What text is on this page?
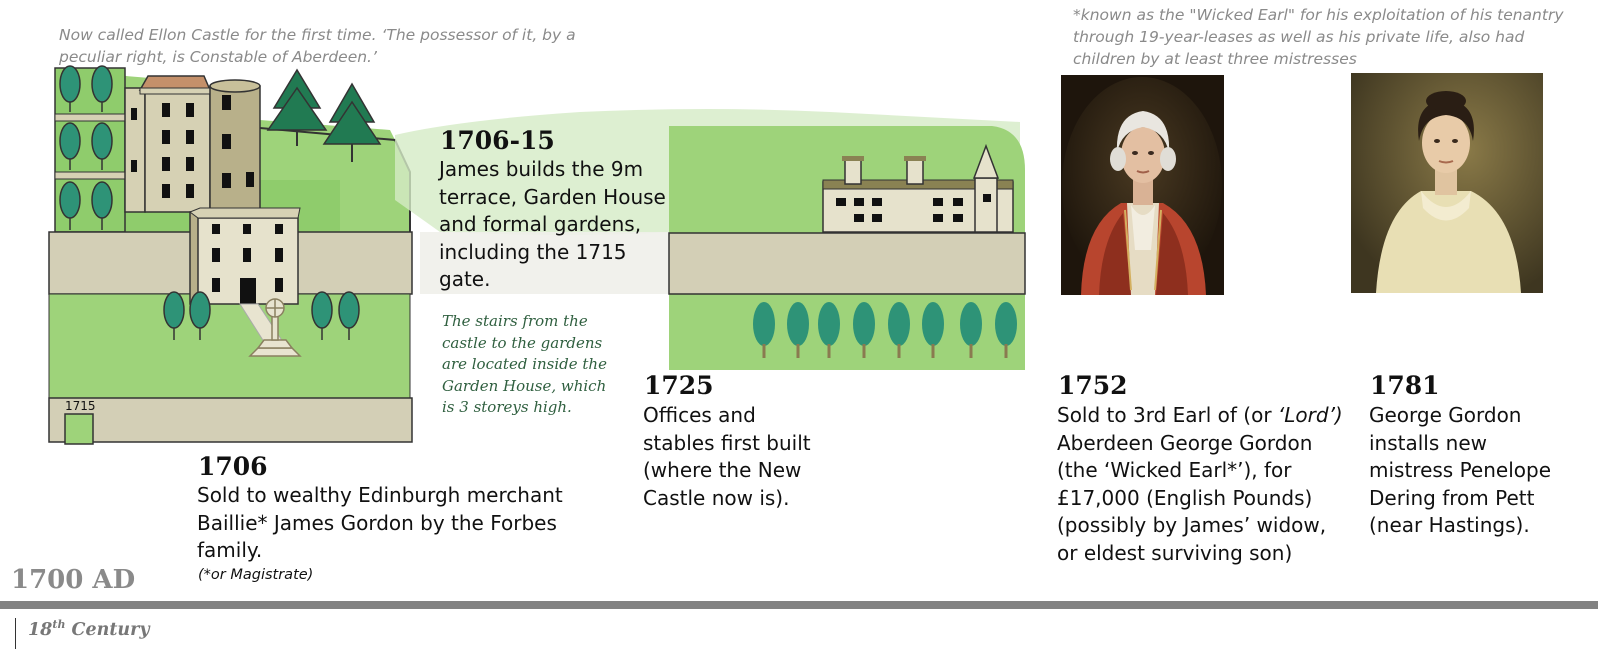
Now called Ellon Castle for the first time. ‘The possessor of it, by a
peculiar right, is Constable of Aberdeen.’
*known as the "Wicked Earl" for his exploitation of his tenantry
through 19-year-leases as well as his private life, also had
children by at least three mistresses
1715
1706-15
James builds the 9m
terrace, Garden House
and formal gardens,
including the 1715
gate.
The stairs from the
castle to the gardens
are located inside the
Garden House, which
is 3 storeys high.
1706
Sold to wealthy Edinburgh merchant
Baillie* James Gordon by the Forbes
family.
(*or Magistrate)
1725
Offices and
stables first built
(where the New
Castle now is).
1752
Sold to 3rd Earl of (or ‘Lord’)
Aberdeen George Gordon
(the ‘Wicked Earl*’), for
£17,000 (English Pounds)
(possibly by James’ widow,
or eldest surviving son)
1781
George Gordon
installs new
mistress Penelope
Dering from Pett
(near Hastings).
1700 AD
18th Century
